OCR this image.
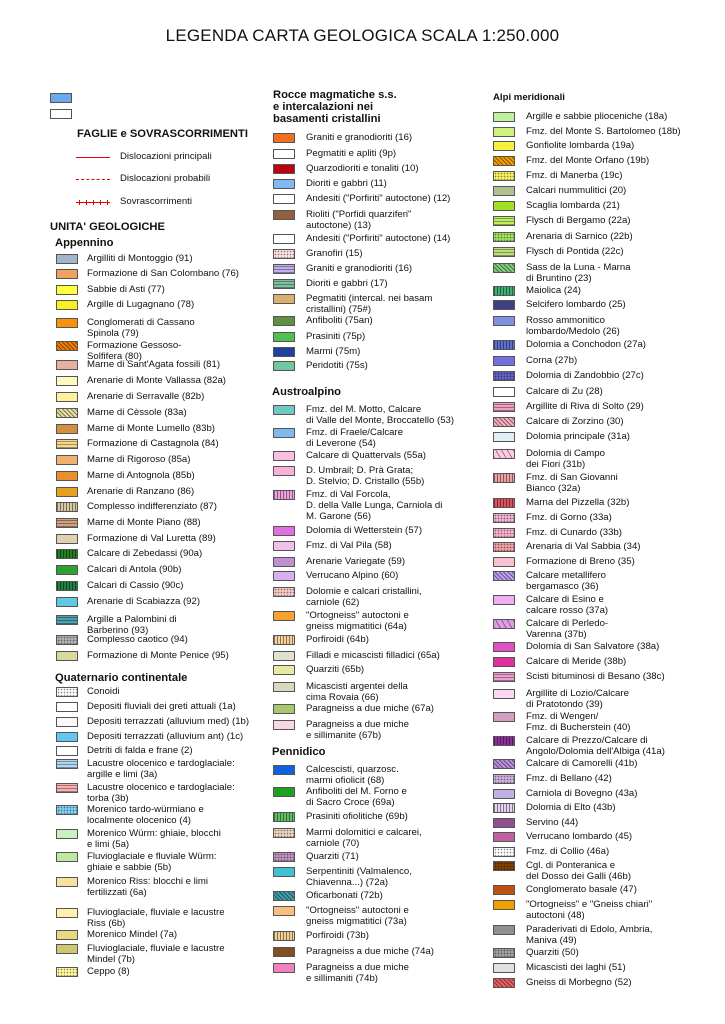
LEGENDA CARTA GEOLOGICA SCALA 1:250.000
FAGLIE e SOVRASCORRIMENTI
Dislocazioni principali
Dislocazioni probabili
Sovrascorrimenti
UNITA' GEOLOGICHE
Appennino
Argilliti di Montoggio (91)
Formazione di San Colombano (76)
Sabbie di Asti (77)
Argille di Lugagnano (78)
Conglomerati di Cassano
Spinola (79)
Formazione Gessoso-
Solfifera (80)
Marne di Sant'Agata fossili (81)
Arenarie di Monte Vallassa (82a)
Arenarie di Serravalle (82b)
Marne di Cèssole (83a)
Marne di Monte Lumello (83b)
Formazione di Castagnola (84)
Marne di Rigoroso (85a)
Marne di Antognola (85b)
Arenarie di Ranzano (86)
Complesso indifferenziato (87)
Marne di Monte Piano (88)
Formazione di Val Luretta (89)
Calcare di Zebedassi (90a)
Calcari di Antola (90b)
Calcari di Cassio (90c)
Arenarie di Scabiazza (92)
Argille a Palombini di
Barberino (93)
Complesso caotico (94)
Formazione di Monte Penice (95)
Quaternario continentale
Conoidi
Depositi fluviali dei greti attuali (1a)
Depositi terrazzati (alluvium med) (1b)
Depositi terrazzati (alluvium ant) (1c)
Detriti di falda e frane (2)
Lacustre olocenico e tardoglaciale:
argille e limi (3a)
Lacustre olocenico e tardoglaciale:
torba (3b)
Morenico tardo-würmiano e
localmente olocenico (4)
Morenico Würm: ghiaie, blocchi
e limi (5a)
Fluvioglaciale e fluviale Würm:
ghiaie e sabbie (5b)
Morenico Riss: blocchi e limi
fertilizzati (6a)
Fluvioglaciale, fluviale e lacustre
Riss (6b)
Morenico Mindel (7a)
Fluvioglaciale, fluviale e lacustre
Mindel (7b)
Ceppo (8)
Rocce magmatiche s.s.
e intercalazioni nei
basamenti cristallini
Graniti e granodioriti (16)
Pegmatiti e apliti (9p)
Quarzodioriti e tonaliti (10)
Dioriti e gabbri (11)
Andesiti ("Porfiriti" autoctone) (12)
Rioliti ("Porfidi quarziferi"
autoctone) (13)
Andesiti ("Porfiriti" autoctone) (14)
Granofiri (15)
Graniti e granodioriti (16)
Dioriti e gabbri (17)
Pegmatiti (intercal. nei basam
cristallini) (75#)
Anfiboliti (75an)
Prasiniti (75p)
Marmi (75m)
Peridotiti (75s)
Austroalpino
Fmz. del M. Motto, Calcare
di Valle del Monte, Broccatello (53)
Fmz. di Fraele/Calcare
di Leverone (54)
Calcare di Quattervals (55a)
D. Umbrail; D. Prà Grata;
D. Stelvio; D. Cristallo (55b)
Fmz. di Val Forcola,
D. della Valle Lunga, Carniola di
M. Garone (56)
Dolomia di Wetterstein (57)
Fmz. di Val Pila (58)
Arenarie Variegate (59)
Verrucano Alpino (60)
Dolomie e calcari cristallini,
carniole (62)
"Ortogneiss" autoctoni e
gneiss migmatitici (64a)
Porfiroidi (64b)
Filladi e micascisti filladici (65a)
Quarziti (65b)
Micascisti argentei della
cima Rovaia (66)
Paragneiss a due miche (67a)
Paragneiss a due miche
e sillimanite (67b)
Pennidico
Calcescisti, quarzosc.
marmi ofiolicit (68)
Anfiboliti del M. Forno e
di Sacro Croce (69a)
Prasiniti ofiolitiche (69b)
Marmi dolomitici e calcarei,
carniole (70)
Quarziti (71)
Serpentiniti (Valmalenco,
Chiavenna...) (72a)
Oficarbonati (72b)
"Ortogneiss" autoctoni e
gneiss migmatitici (73a)
Porfiroidi (73b)
Paragneiss a due miche (74a)
Paragneiss a due miche
e sillimaniti (74b)
Alpi meridionali
Argille e sabbie plioceniche (18a)
Fmz. del Monte S. Bartolomeo (18b)
Gonfiolite lombarda (19a)
Fmz. del Monte Orfano (19b)
Fmz. di Manerba (19c)
Calcari nummulitici (20)
Scaglia lombarda (21)
Flysch di Bergamo (22a)
Arenaria di Sarnico (22b)
Flysch di Pontida (22c)
Sass de la Luna - Marna
di Bruntino (23)
Maiolica (24)
Selcifero lombardo (25)
Rosso ammonitico
lombardo/Medolo (26)
Dolomia a Conchodon (27a)
Corna (27b)
Dolomia di Zandobbio (27c)
Calcare di Zu (28)
Argillite di Riva di Solto (29)
Calcare di Zorzino (30)
Dolomia principale (31a)
Dolomia di Campo
dei Fiori (31b)
Fmz. di San Giovanni
Bianco (32a)
Marna del Pizzella (32b)
Fmz. di Gorno (33a)
Fmz. di Cunardo (33b)
Arenaria di Val Sabbia (34)
Formazione di Breno (35)
Calcare metallifero
bergamasco (36)
Calcare di Esino e
calcare rosso (37a)
Calcare di Perledo-
Varenna (37b)
Dolomia di San Salvatore (38a)
Calcare di Meride (38b)
Scisti bituminosi di Besano (38c)
Argillite di Lozio/Calcare
di Pratotondo (39)
Fmz. di Wengen/
Fmz. di Bucherstein (40)
Calcare di Prezzo/Calcare di
Angolo/Dolomia dell'Albiga (41a)
Calcare di Camorelli (41b)
Fmz. di Bellano (42)
Carniola di Bovegno (43a)
Dolomia di Elto (43b)
Servino (44)
Verrucano lombardo (45)
Fmz. di Collio (46a)
Cgl. di Ponteranica e
del Dosso dei Galli (46b)
Conglomerato basale (47)
"Ortogneiss" e "Gneiss chiari"
autoctoni (48)
Paraderivati di Edolo, Ambria,
Maniva (49)
Quarziti (50)
Micascisti dei laghi (51)
Gneiss di Morbegno (52)
